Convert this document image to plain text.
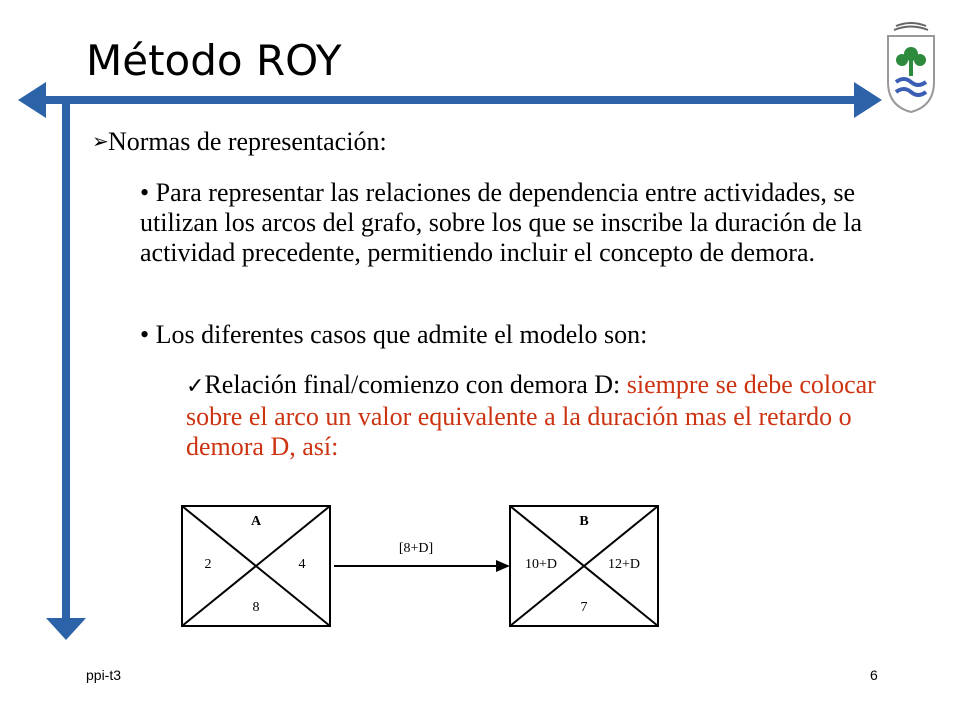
Método ROY
➢Normas de representación:
• Para representar las relaciones de dependencia entre actividades, se utilizan los arcos del grafo, sobre los que se inscribe la duración de la actividad precedente, permitiendo incluir el concepto de demora.
• Los diferentes casos que admite el modelo son:
✓Relación final/comienzo con demora D: siempre se debe colocar sobre el arco un valor equivalente a la duración mas el retardo o demora D, así:
A
2	4
8
[8+D]
B
10+D	12+D
7
ppi-t3	6
